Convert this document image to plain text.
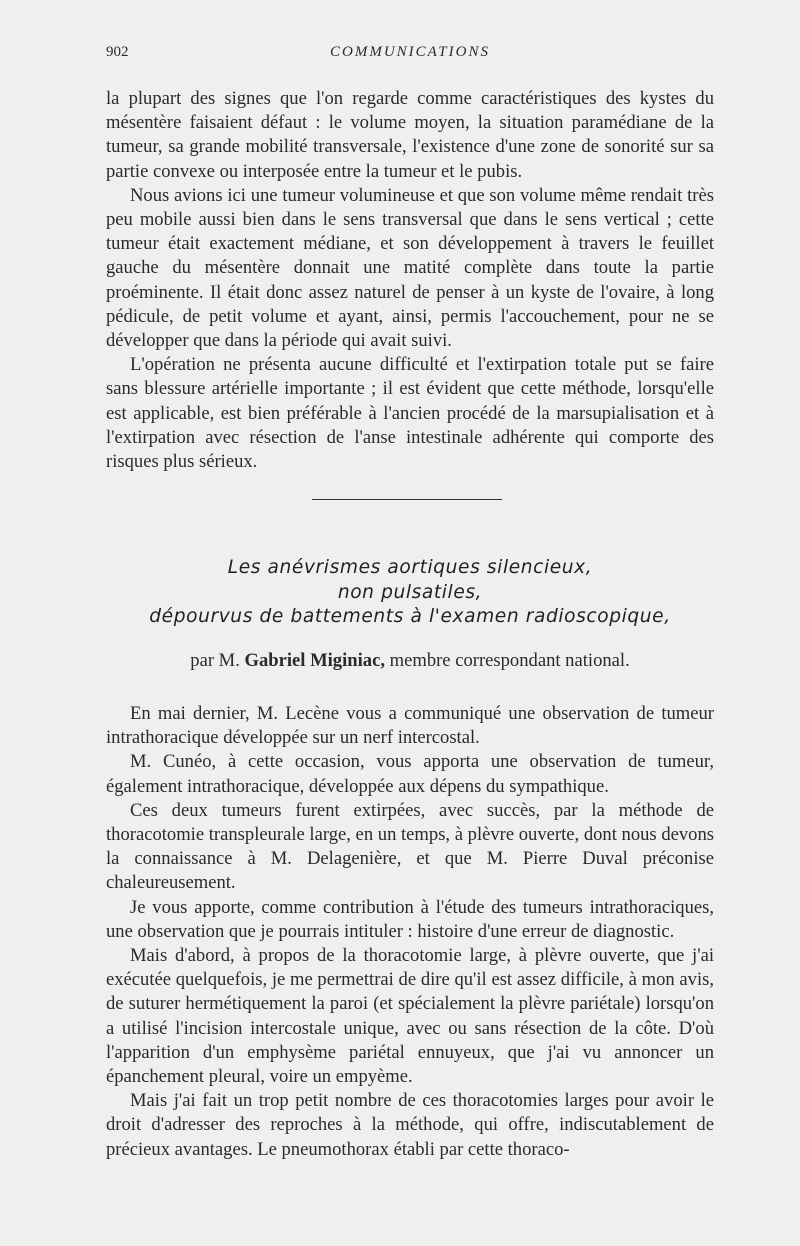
902	COMMUNICATIONS

la plupart des signes que l'on regarde comme caractéristiques des kystes du mésentère faisaient défaut : le volume moyen, la situation paramédiane de la tumeur, sa grande mobilité transversale, l'existence d'une zone de sonorité sur sa partie convexe ou interposée entre la tumeur et le pubis.

Nous avions ici une tumeur volumineuse et que son volume même rendait très peu mobile aussi bien dans le sens transversal que dans le sens vertical ; cette tumeur était exactement médiane, et son développement à travers le feuillet gauche du mésentère donnait une matité complète dans toute la partie proéminente. Il était donc assez naturel de penser à un kyste de l'ovaire, à long pédicule, de petit volume et ayant, ainsi, permis l'accouchement, pour ne se développer que dans la période qui avait suivi.

L'opération ne présenta aucune difficulté et l'extirpation totale put se faire sans blessure artérielle importante ; il est évident que cette méthode, lorsqu'elle est applicable, est bien préférable à l'ancien procédé de la marsupialisation et à l'extirpation avec résection de l'anse intestinale adhérente qui comporte des risques plus sérieux.

Les anévrismes aortiques silencieux,
non pulsatiles,
dépourvus de battements à l'examen radioscopique,
par M. Gabriel Miginiac, membre correspondant national.

En mai dernier, M. Lecène vous a communiqué une observation de tumeur intrathoracique développée sur un nerf intercostal.

M. Cunéo, à cette occasion, vous apporta une observation de tumeur, également intrathoracique, développée aux dépens du sympathique.

Ces deux tumeurs furent extirpées, avec succès, par la méthode de thoracotomie transpleurale large, en un temps, à plèvre ouverte, dont nous devons la connaissance à M. Delagenière, et que M. Pierre Duval préconise chaleureusement.

Je vous apporte, comme contribution à l'étude des tumeurs intrathoraciques, une observation que je pourrais intituler : histoire d'une erreur de diagnostic.

Mais d'abord, à propos de la thoracotomie large, à plèvre ouverte, que j'ai exécutée quelquefois, je me permettrai de dire qu'il est assez difficile, à mon avis, de suturer hermétiquement la paroi (et spécialement la plèvre pariétale) lorsqu'on a utilisé l'incision intercostale unique, avec ou sans résection de la côte. D'où l'apparition d'un emphysème pariétal ennuyeux, que j'ai vu annoncer un épanchement pleural, voire un empyème.

Mais j'ai fait un trop petit nombre de ces thoracotomies larges pour avoir le droit d'adresser des reproches à la méthode, qui offre, indiscutablement de précieux avantages. Le pneumothorax établi par cette thoraco-
